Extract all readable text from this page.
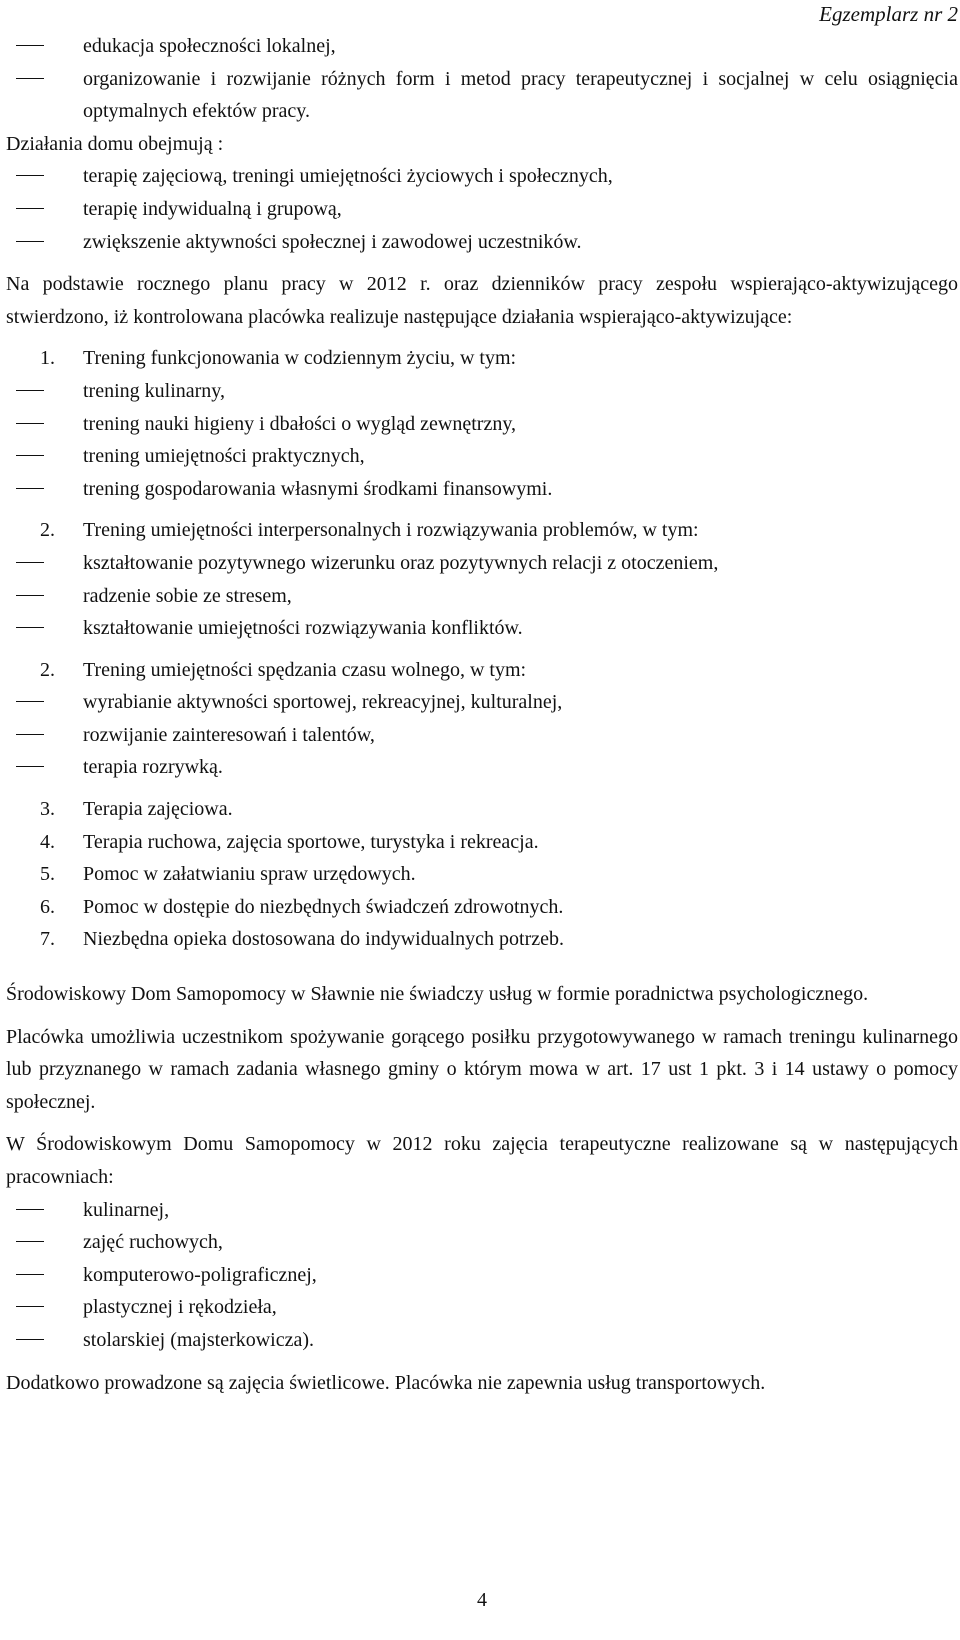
Egzemplarz nr 2
edukacja społeczności lokalnej,
organizowanie i rozwijanie różnych form i metod pracy terapeutycznej i socjalnej w celu osiągnięcia optymalnych efektów pracy.

Działania domu obejmują :

terapię zajęciową, treningi umiejętności życiowych i społecznych,
terapię indywidualną i grupową,
zwiększenie aktywności społecznej i zawodowej uczestników.

Na podstawie rocznego planu pracy w 2012 r. oraz dzienników pracy zespołu wspierająco-aktywizującego stwierdzono, iż kontrolowana placówka realizuje następujące działania wspierająco-aktywizujące:

1. Trening funkcjonowania w codziennym życiu, w tym:
trening kulinarny,
trening nauki higieny i dbałości o wygląd zewnętrzny,
trening umiejętności praktycznych,
trening gospodarowania własnymi środkami finansowymi.
2. Trening umiejętności interpersonalnych i rozwiązywania problemów, w tym:
kształtowanie pozytywnego wizerunku oraz pozytywnych relacji z otoczeniem,
radzenie sobie ze stresem,
kształtowanie umiejętności rozwiązywania konfliktów.
2. Trening umiejętności spędzania czasu wolnego, w tym:
wyrabianie aktywności sportowej, rekreacyjnej, kulturalnej,
rozwijanie zainteresowań i talentów,
terapia rozrywką.
3. Terapia zajęciowa.
4. Terapia ruchowa, zajęcia sportowe, turystyka i rekreacja.
5. Pomoc w załatwianiu spraw urzędowych.
6. Pomoc w dostępie do niezbędnych świadczeń zdrowotnych.
7. Niezbędna opieka dostosowana do indywidualnych potrzeb.

Środowiskowy Dom Samopomocy w Sławnie nie świadczy usług w formie poradnictwa psychologicznego.

Placówka umożliwia uczestnikom spożywanie gorącego posiłku przygotowywanego w ramach treningu kulinarnego lub przyznanego w ramach zadania własnego gminy o którym mowa w art. 17 ust 1 pkt. 3 i 14 ustawy o pomocy społecznej.

W Środowiskowym Domu Samopomocy w 2012 roku zajęcia terapeutyczne realizowane są w następujących pracowniach:

kulinarnej,
zajęć ruchowych,
komputerowo-poligraficznej,
plastycznej i rękodzieła,
stolarskiej (majsterkowicza).

Dodatkowo prowadzone są zajęcia świetlicowe. Placówka nie zapewnia usług transportowych.

4
